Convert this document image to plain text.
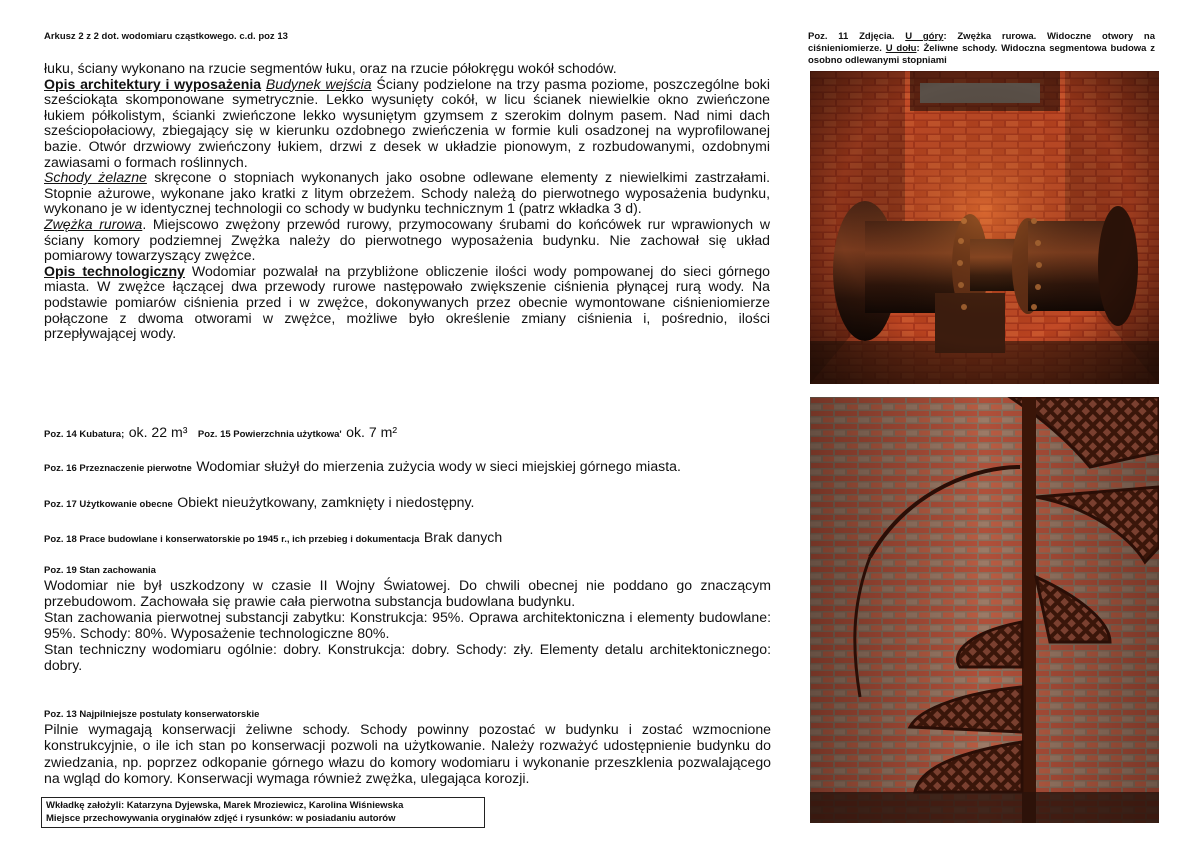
Arkusz 2 z 2 dot. wodomiaru cząstkowego. c.d. poz 13

łuku, ściany wykonano na rzucie segmentów łuku, oraz na rzucie półokręgu wokół schodów.

Opis architektury i wyposażenia Budynek wejścia Ściany podzielone na trzy pasma poziome, poszczególne boki sześciokąta skomponowane symetrycznie. Lekko wysunięty cokół, w licu ścianek niewielkie okno zwieńczone łukiem półkolistym, ścianki zwieńczone lekko wysuniętym gzymsem z szerokim dolnym pasem. Nad nimi dach sześciopołaciowy, zbiegający się w kierunku ozdobnego zwieńczenia w formie kuli osadzonej na wyprofilowanej bazie. Otwór drzwiowy zwieńczony łukiem, drzwi z desek w układzie pionowym, z rozbudowanymi, ozdobnymi zawiasami o formach roślinnych.

Schody żelazne skręcone o stopniach wykonanych jako osobne odlewane elementy z niewielkimi zastrzałami. Stopnie ażurowe, wykonane jako kratki z litym obrzeżem. Schody należą do pierwotnego wyposażenia budynku, wykonano je w identycznej technologii co schody w budynku technicznym 1 (patrz wkładka 3 d).

Zwężka rurowa. Miejscowo zwężony przewód rurowy, przymocowany śrubami do końcówek rur wprawionych w ściany komory podziemnej Zwężka należy do pierwotnego wyposażenia budynku. Nie zachował się układ pomiarowy towarzyszący zwężce.

Opis technologiczny Wodomiar pozwalał na przybliżone obliczenie ilości wody pompowanej do sieci górnego miasta. W zwężce łączącej dwa przewody rurowe następowało zwiększenie ciśnienia płynącej rurą wody. Na podstawie pomiarów ciśnienia przed i w zwężce, dokonywanych przez obecnie wymontowane ciśnieniomierze połączone z dwoma otworami w zwężce, możliwe było określenie zmiany ciśnienia i, pośrednio, ilości przepływającej wody.

Poz. 14 Kubatura; ok. 22 m³ Poz. 15 Powierzchnia użytkowa' ok. 7 m²
Poz. 16 Przeznaczenie pierwotne Wodomiar służył do mierzenia zużycia wody w sieci miejskiej górnego miasta.
Poz. 17 Użytkowanie obecne Obiekt nieużytkowany, zamknięty i niedostępny.
Poz. 18 Prace budowlane i konserwatorskie po 1945 r., ich przebieg i dokumentacja Brak danych
Poz. 19 Stan zachowania
Wodomiar nie był uszkodzony w czasie II Wojny Światowej. Do chwili obecnej nie poddano go znaczącym przebudowom. Zachowała się prawie cała pierwotna substancja budowlana budynku.
Stan zachowania pierwotnej substancji zabytku: Konstrukcja: 95%. Oprawa architektoniczna i elementy budowlane: 95%. Schody: 80%. Wyposażenie technologiczne 80%.
Stan techniczny wodomiaru ogólnie: dobry. Konstrukcja: dobry. Schody: zły. Elementy detalu architektonicznego: dobry.
Poz. 13 Najpilniejsze postulaty konserwatorskie
Pilnie wymagają konserwacji żeliwne schody. Schody powinny pozostać w budynku i zostać wzmocnione konstrukcyjnie, o ile ich stan po konserwacji pozwoli na użytkowanie. Należy rozważyć udostępnienie budynku do zwiedzania, np. poprzez odkopanie górnego włazu do komory wodomiaru i wykonanie przeszklenia pozwalającego na wgląd do komory. Konserwacji wymaga również zwężka, ulegająca korozji.
Wkładkę założyli: Katarzyna Dyjewska, Marek Mroziewicz, Karolina Wiśniewska
Miejsce przechowywania oryginałów zdjęć i rysunków: w posiadaniu autorów
Poz. 11 Zdjęcia. U góry: Zwężka rurowa. Widoczne otwory na ciśnieniomierze. U dołu: Żeliwne schody. Widoczna segmentowa budowa z osobno odlewanymi stopniami
